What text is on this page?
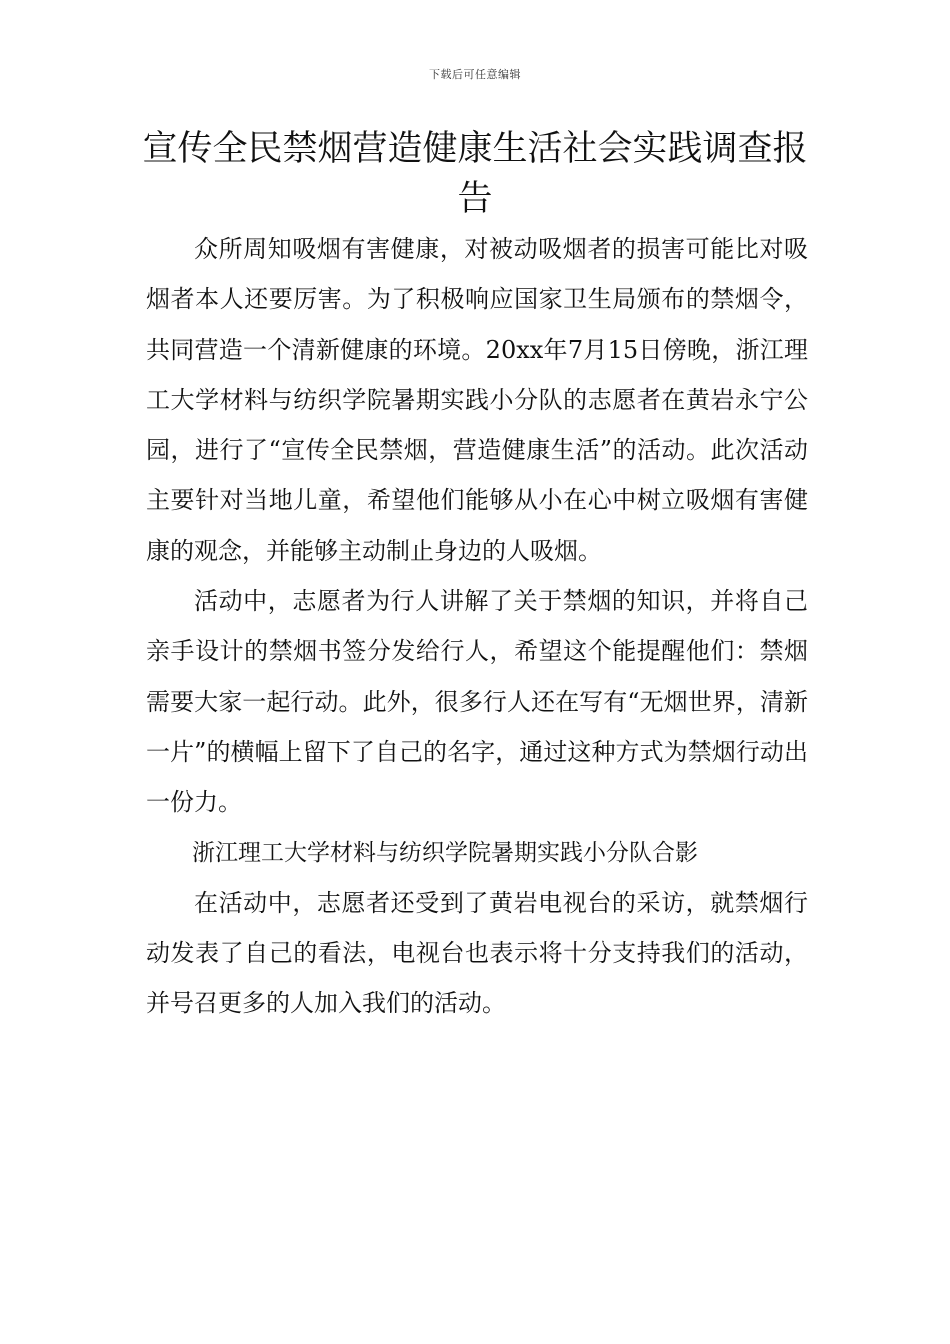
下载后可任意编辑
宣传全民禁烟营造健康生活社会实践调查报告

众所周知吸烟有害健康，对被动吸烟者的损害可能比对吸烟者本人还要厉害。为了积极响应国家卫生局颁布的禁烟令，共同营造一个清新健康的环境。20xx年7月15日傍晚，浙江理工大学材料与纺织学院暑期实践小分队的志愿者在黄岩永宁公园，进行了“宣传全民禁烟，营造健康生活”的活动。此次活动主要针对当地儿童，希望他们能够从小在心中树立吸烟有害健康的观念，并能够主动制止身边的人吸烟。

活动中，志愿者为行人讲解了关于禁烟的知识，并将自己亲手设计的禁烟书签分发给行人，希望这个能提醒他们：禁烟需要大家一起行动。此外，很多行人还在写有“无烟世界，清新一片”的横幅上留下了自己的名字，通过这种方式为禁烟行动出一份力。

浙江理工大学材料与纺织学院暑期实践小分队合影

在活动中，志愿者还受到了黄岩电视台的采访，就禁烟行动发表了自己的看法，电视台也表示将十分支持我们的活动，并号召更多的人加入我们的活动。
